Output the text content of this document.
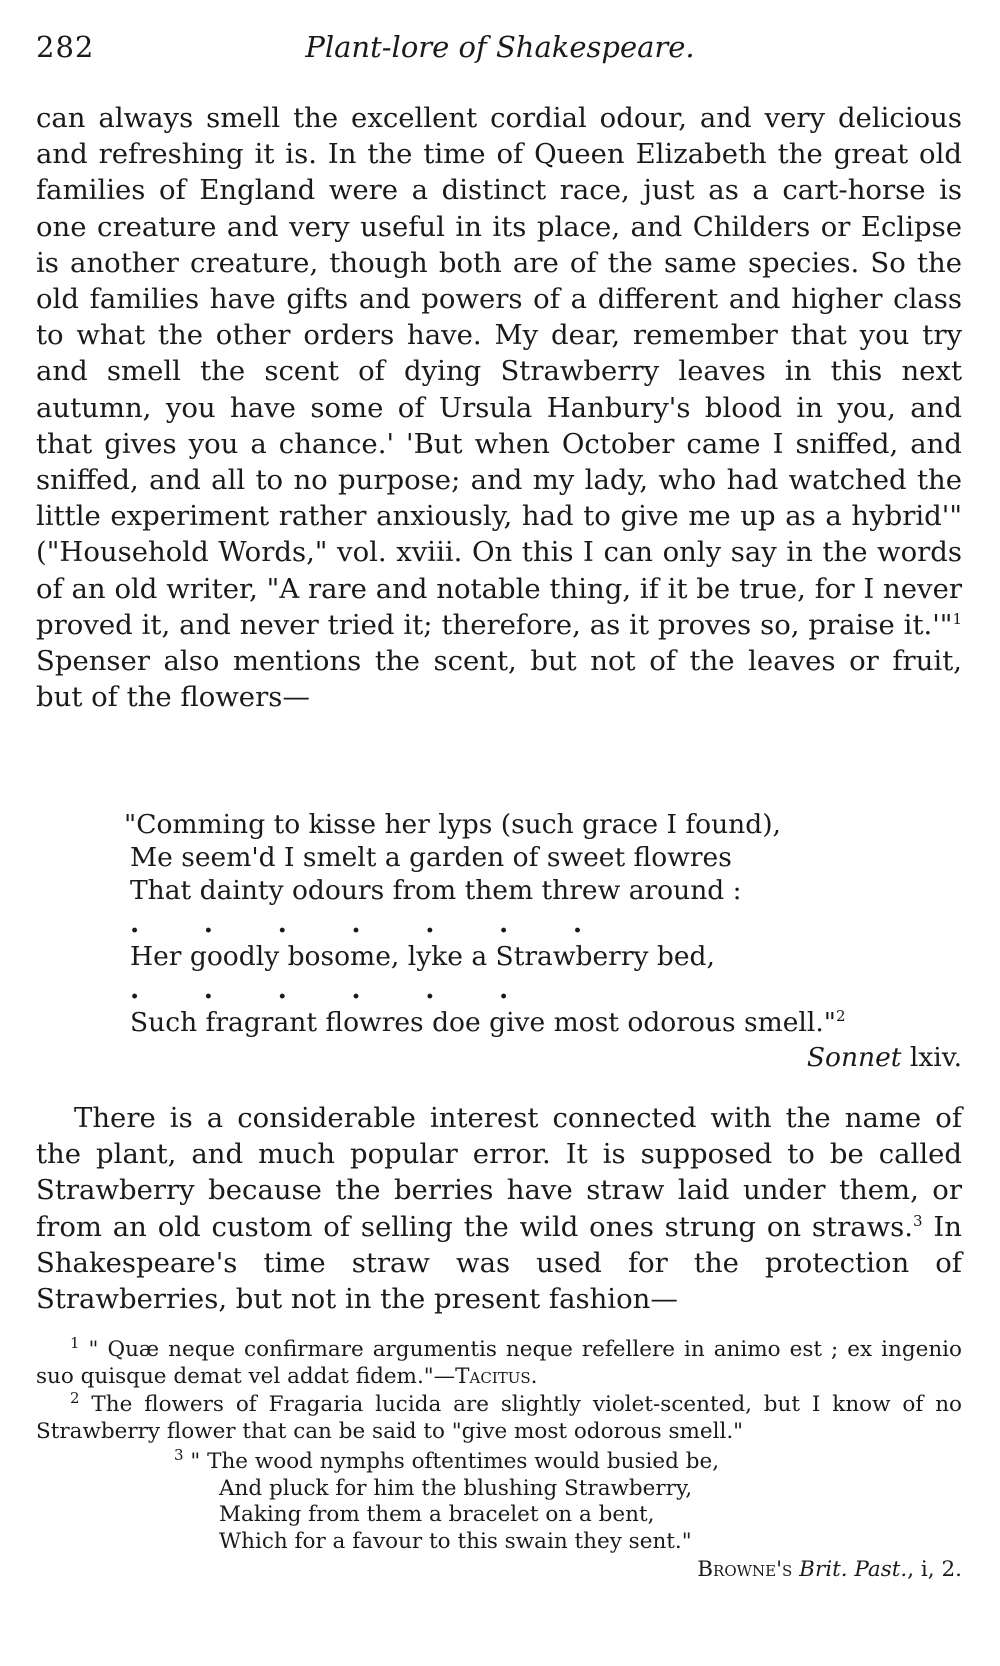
282	Plant-lore of Shakespeare.
can always smell the excellent cordial odour, and very delicious and refreshing it is. In the time of Queen Elizabeth the great old families of England were a distinct race, just as a cart-horse is one creature and very useful in its place, and Childers or Eclipse is another creature, though both are of the same species. So the old families have gifts and powers of a different and higher class to what the other orders have. My dear, remember that you try and smell the scent of dying Strawberry leaves in this next autumn, you have some of Ursula Hanbury's blood in you, and that gives you a chance.' 'But when October came I sniffed, and sniffed, and all to no purpose; and my lady, who had watched the little experiment rather anxiously, had to give me up as a hybrid'" ("Household Words," vol. xviii. On this I can only say in the words of an old writer, "A rare and notable thing, if it be true, for I never proved it, and never tried it; therefore, as it proves so, praise it.'"$^1$ Spenser also mentions the scent, but not of the leaves or fruit, but of the flowers—
"Comming to kisse her lyps (such grace I found),
Me seem'd I smelt a garden of sweet flowres
That dainty odours from them threw around :
.       .       .       .       .       .       .
Her goodly bosome, lyke a Strawberry bed,
.       .       .       .       .       .
Such fragrant flowres doe give most odorous smell."$^2$
Sonnet lxiv.
There is a considerable interest connected with the name of the plant, and much popular error. It is supposed to be called Strawberry because the berries have straw laid under them, or from an old custom of selling the wild ones strung on straws.$^3$ In Shakespeare's time straw was used for the protection of Strawberries, but not in the present fashion—
$^1$ " Quæ neque confirmare argumentis neque refellere in animo est ; ex ingenio suo quisque demat vel addat fidem."—Tacitus.
$^2$ The flowers of Fragaria lucida are slightly violet-scented, but I know of no Strawberry flower that can be said to "give most odorous smell."
$^3$ " The wood nymphs oftentimes would busied be,
And pluck for him the blushing Strawberry,
Making from them a bracelet on a bent,
Which for a favour to this swain they sent."
Browne's Brit. Past., i, 2.
